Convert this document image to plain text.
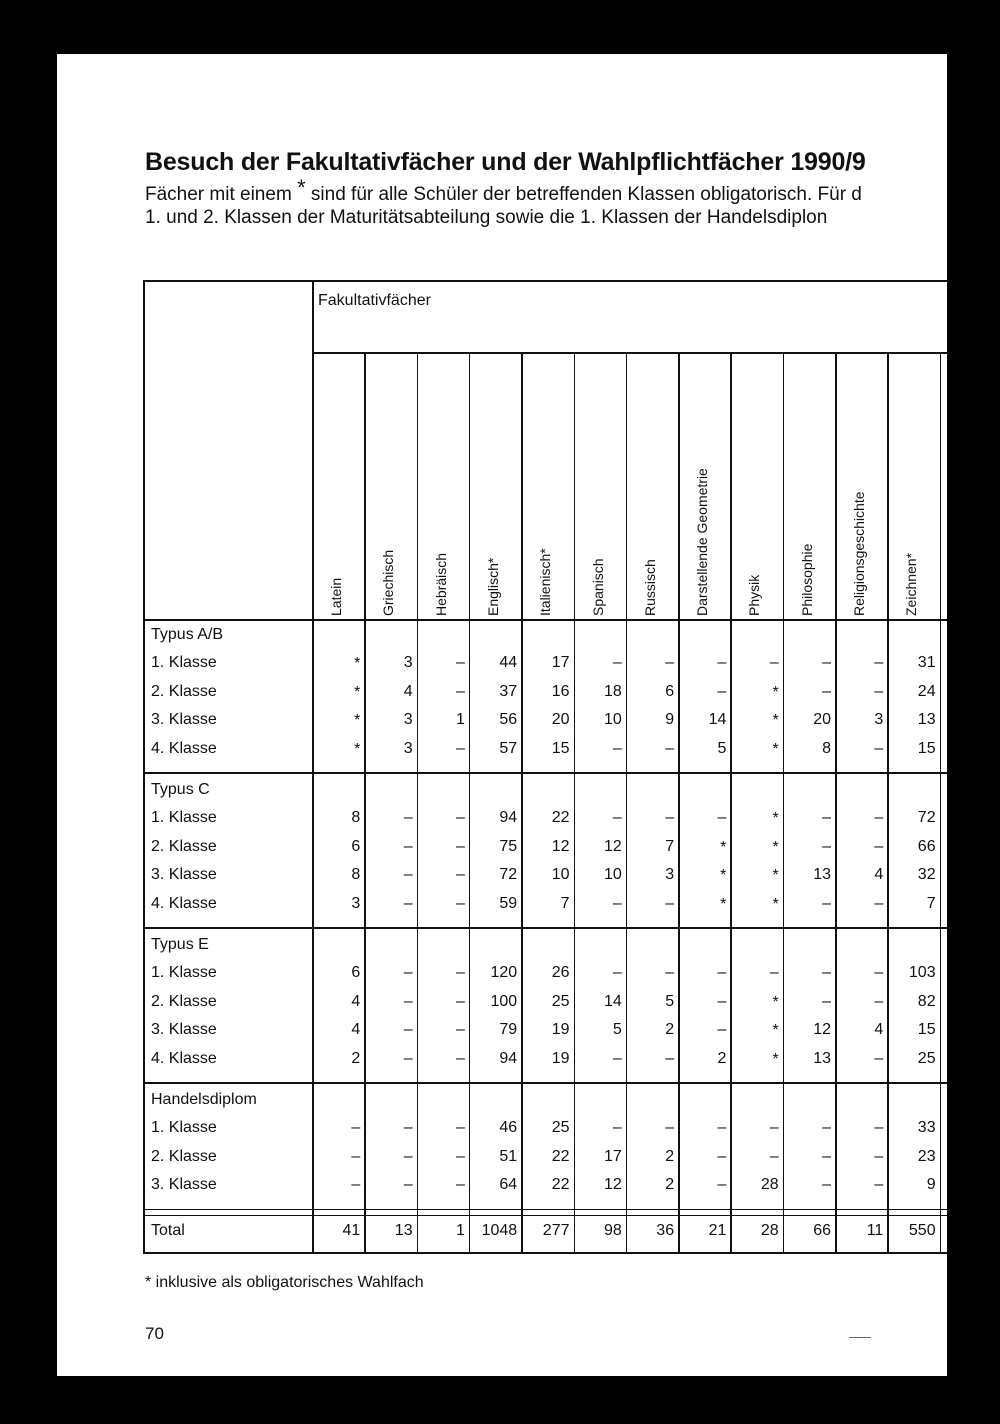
Besuch der Fakultativfächer und der Wahlpflichtfächer 1990/9
Fächer mit einem * sind für alle Schüler der betreffenden Klassen obligatorisch. Für d
1. und 2. Klassen der Maturitätsabteilung sowie die 1. Klassen der Handelsdiplon
Fakultativfächer
Latein	Griechisch	Hebräisch	Englisch*	Italienisch*	Spanisch	Russisch	Darstellende Geometrie	Physik	Philosophie	Religionsgeschichte	Zeichnen*
Typus A/B
1. Klasse	*	3	–	44	17	–	–	–	–	–	–	31
2. Klasse	*	4	–	37	16	18	6	–	*	–	–	24
3. Klasse	*	3	1	56	20	10	9	14	*	20	3	13
4. Klasse	*	3	–	57	15	–	–	5	*	8	–	15
Typus C
1. Klasse	8	–	–	94	22	–	–	–	*	–	–	72
2. Klasse	6	–	–	75	12	12	7	*	*	–	–	66
3. Klasse	8	–	–	72	10	10	3	*	*	13	4	32
4. Klasse	3	–	–	59	7	–	–	*	*	–	–	7
Typus E
1. Klasse	6	–	–	120	26	–	–	–	–	–	–	103
2. Klasse	4	–	–	100	25	14	5	–	*	–	–	82
3. Klasse	4	–	–	79	19	5	2	–	*	12	4	15
4. Klasse	2	–	–	94	19	–	–	2	*	13	–	25
Handelsdiplom
1. Klasse	–	–	–	46	25	–	–	–	–	–	–	33
2. Klasse	–	–	–	51	22	17	2	–	–	–	–	23
3. Klasse	–	–	–	64	22	12	2	–	28	–	–	9
Total	41	13	1	1048	277	98	36	21	28	66	11	550
* inklusive als obligatorisches Wahlfach
70
